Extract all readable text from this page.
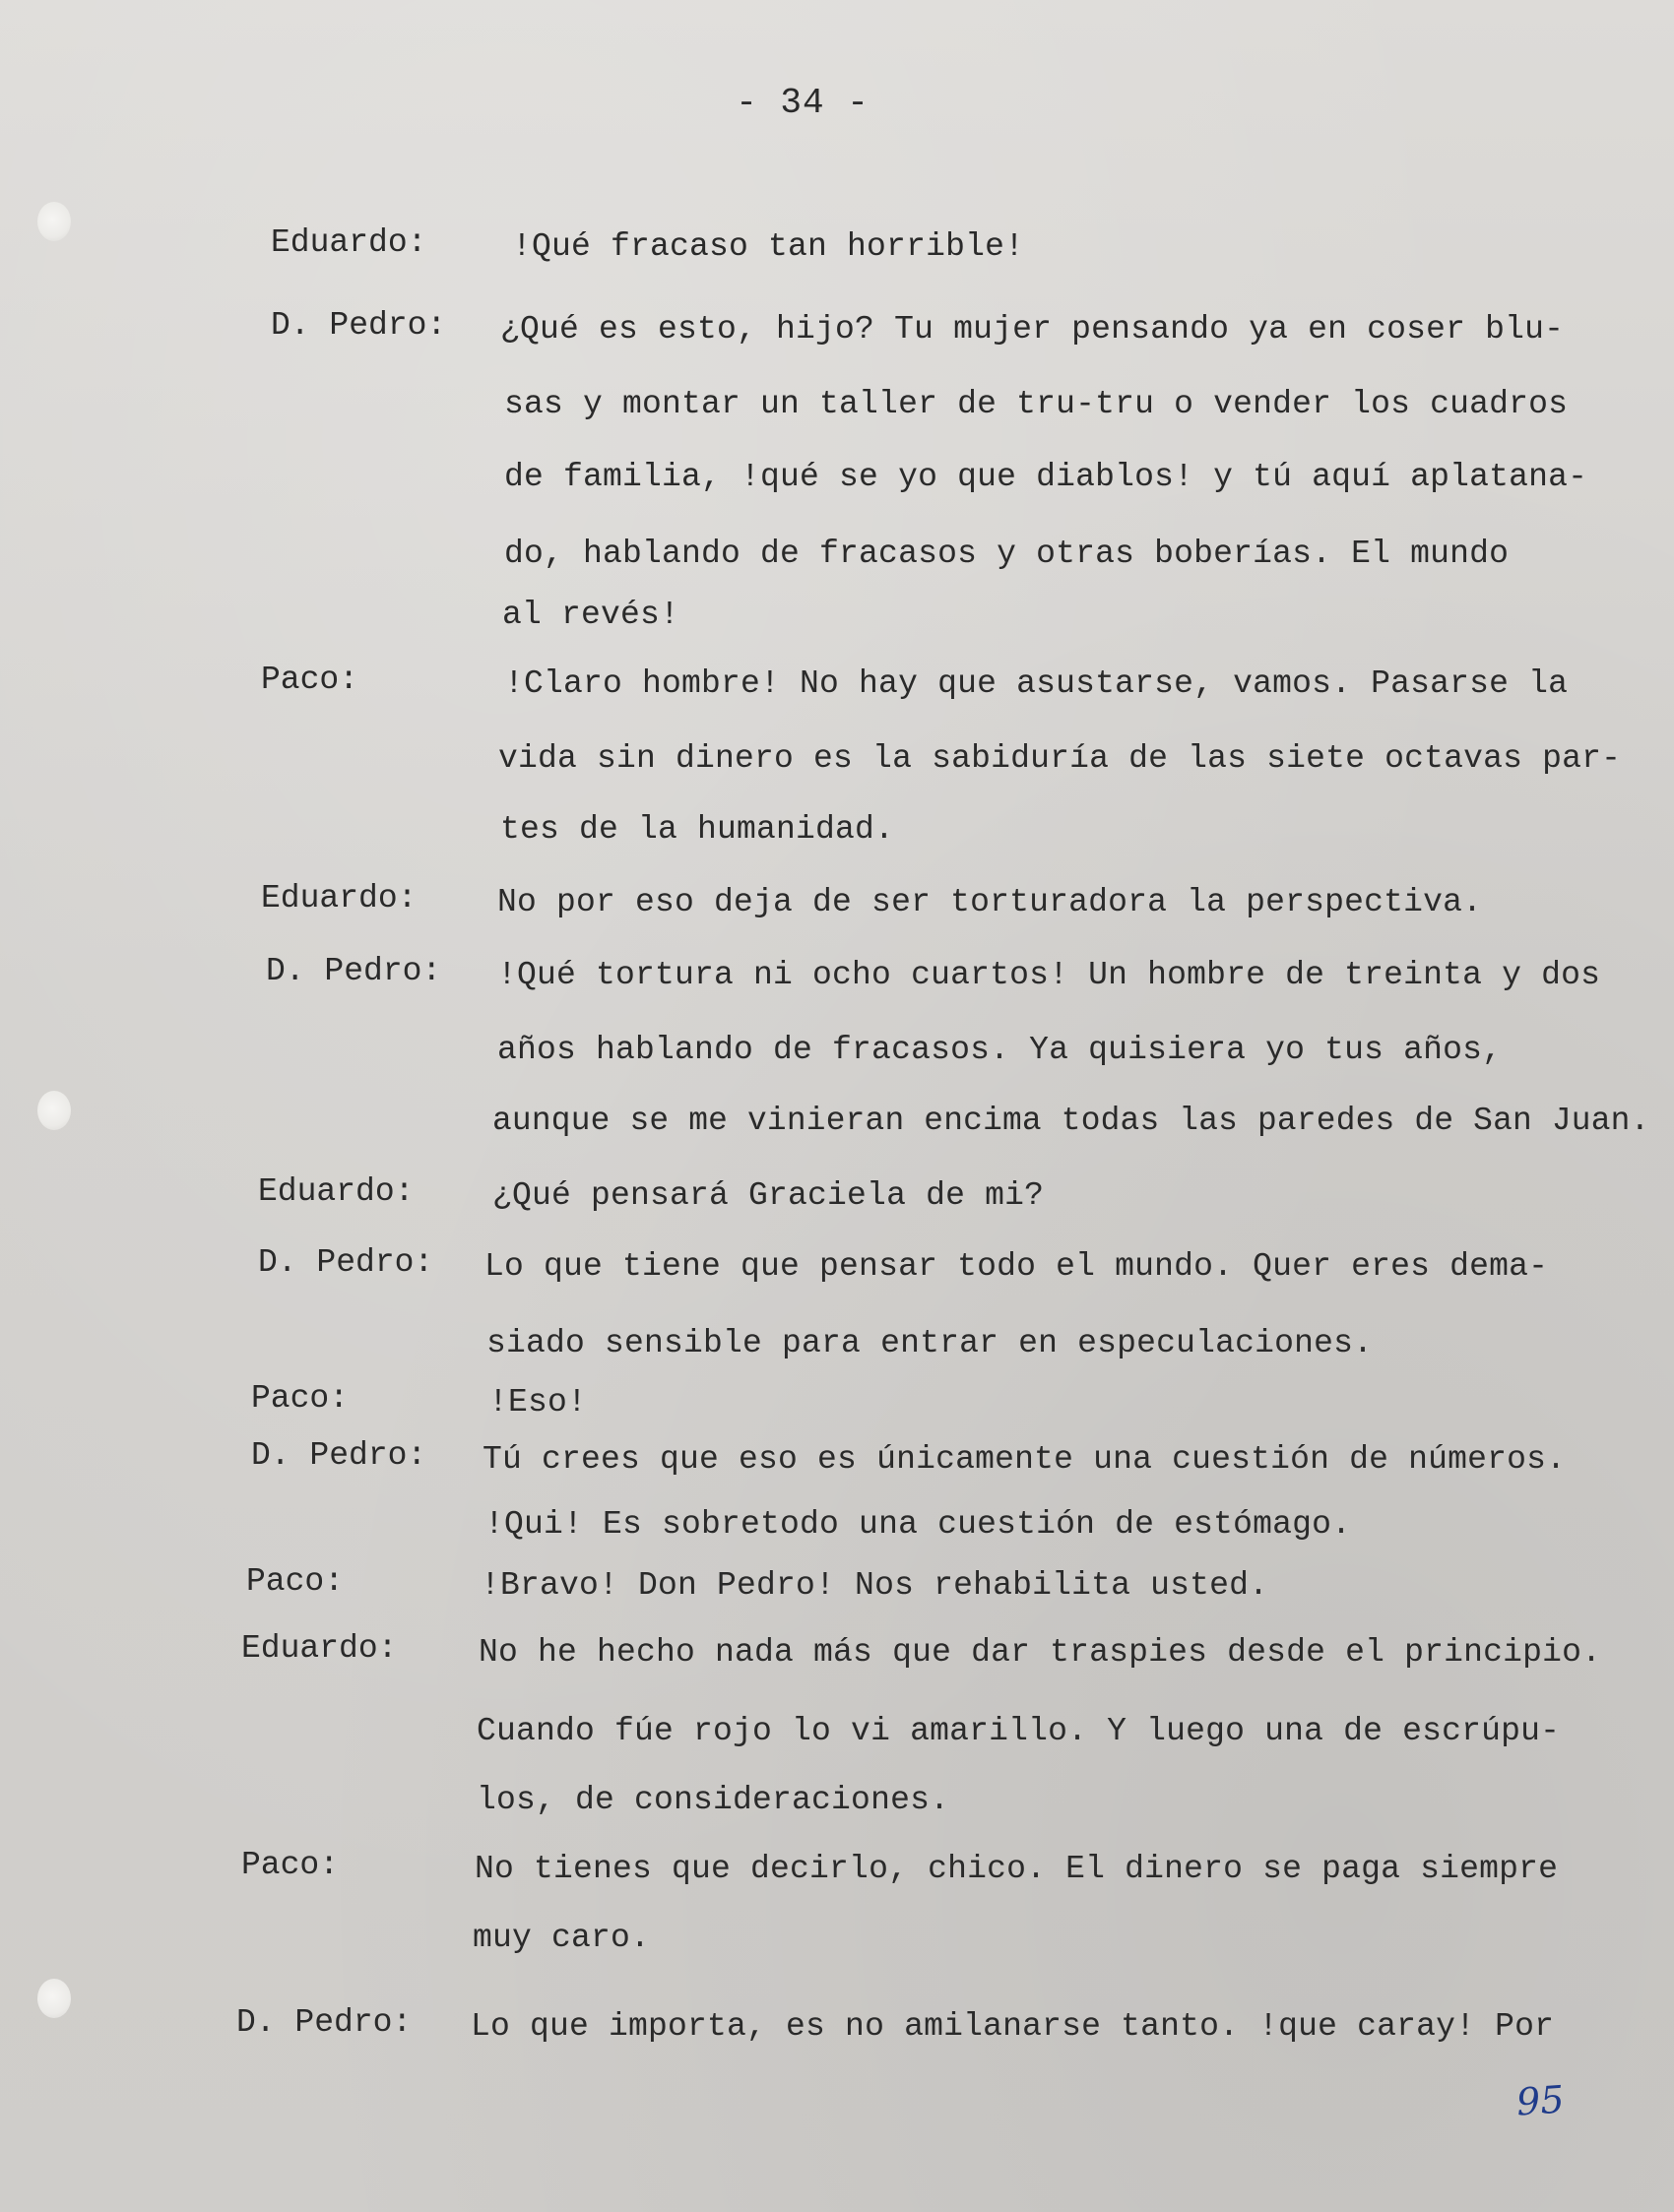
- 34 -
Eduardo:	!Qué fracaso tan horrible!
D. Pedro: ¿Qué es esto, hijo? Tu mujer pensando ya en coser blu-
sas y montar un taller de tru-tru o vender los cuadros
de familia, !qué se yo que diablos! y tú aquí aplatana-
do, hablando de fracasos y otras boberías. El mundo
al revés!
Paco:	!Claro hombre! No hay que asustarse, vamos. Pasarse la
vida sin dinero es la sabiduría de las siete octavas par-
tes de la humanidad.
Eduardo: No por eso deja de ser torturadora la perspectiva.
D. Pedro: !Qué tortura ni ocho cuartos! Un hombre de treinta y dos
años hablando de fracasos. Ya quisiera yo tus años,
aunque se me vinieran encima todas las paredes de San Juan.
Eduardo: ¿Qué pensará Graciela de mi?
D. Pedro: Lo que tiene que pensar todo el mundo. Quer eres dema-
siado sensible para entrar en especulaciones.
Paco:	!Eso!
D. Pedro: Tú crees que eso es únicamente una cuestión de números.
!Qui! Es sobretodo una cuestión de estómago.
Paco:	!Bravo! Don Pedro! Nos rehabilita usted.
Eduardo:	No he hecho nada más que dar traspies desde el principio.
Cuando fúe rojo lo vi amarillo. Y luego una de escrúpu-
los, de consideraciones.
Paco:	No tienes que decirlo, chico. El dinero se paga siempre
muy caro.
D. Pedro: Lo que importa, es no amilanarse tanto. !que caray! Por
95
